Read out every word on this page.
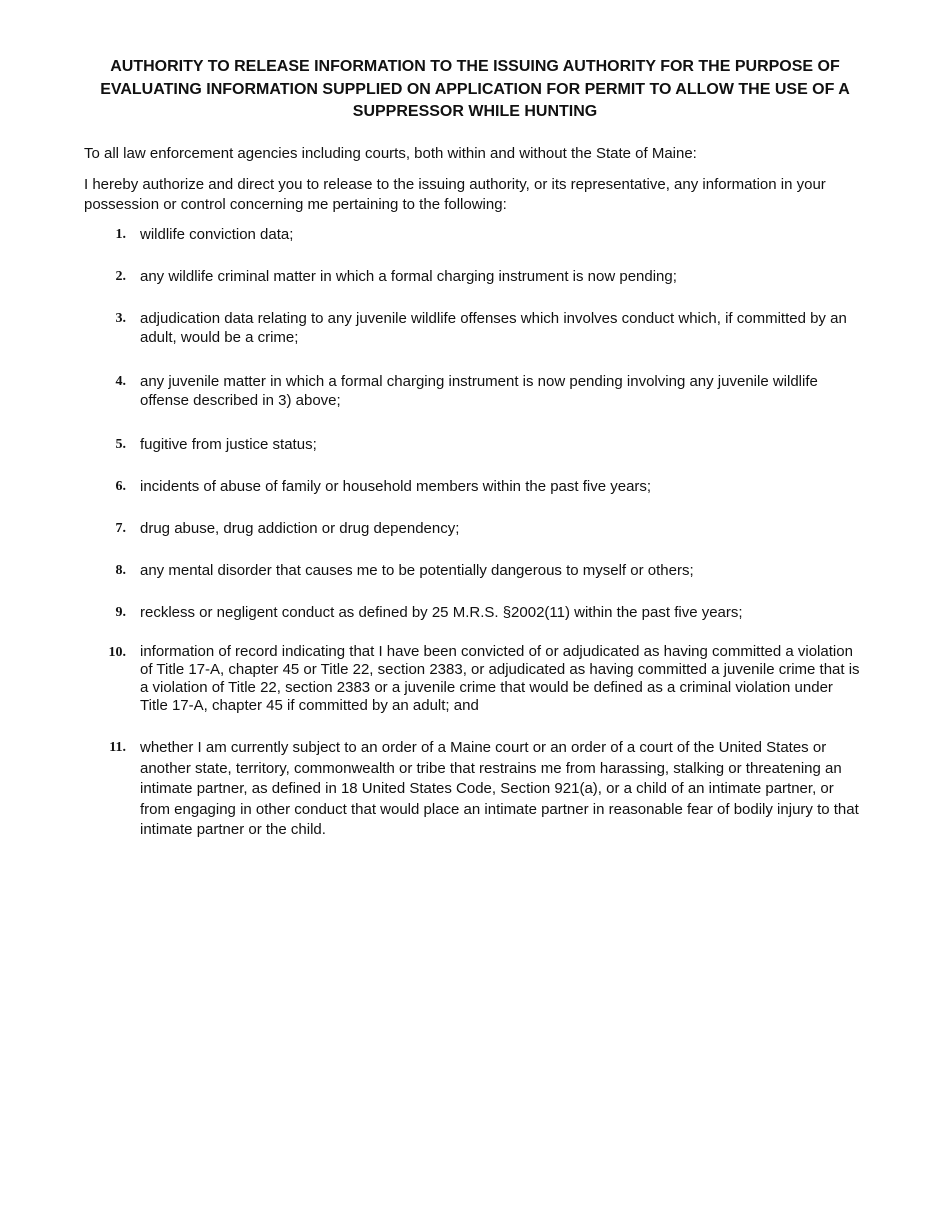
AUTHORITY TO RELEASE INFORMATION TO THE ISSUING AUTHORITY FOR THE PURPOSE OF EVALUATING INFORMATION SUPPLIED ON APPLICATION FOR PERMIT TO ALLOW THE USE OF A SUPPRESSOR WHILE HUNTING

To all law enforcement agencies including courts, both within and without the State of Maine:

I hereby authorize and direct you to release to the issuing authority, or its representative, any information in your possession or control concerning me pertaining to the following:

1. wildlife conviction data;
2. any wildlife criminal matter in which a formal charging instrument is now pending;
3. adjudication data relating to any juvenile wildlife offenses which involves conduct which, if committed by an adult, would be a crime;
4. any juvenile matter in which a formal charging instrument is now pending involving any juvenile wildlife offense described in 3) above;
5. fugitive from justice status;
6. incidents of abuse of family or household members within the past five years;
7. drug abuse, drug addiction or drug dependency;
8. any mental disorder that causes me to be potentially dangerous to myself or others;
9. reckless or negligent conduct as defined by 25 M.R.S. §2002(11) within the past five years;
10. information of record indicating that I have been convicted of or adjudicated as having committed a violation of Title 17-A, chapter 45 or Title 22, section 2383, or adjudicated as having committed a juvenile crime that is a violation of Title 22, section 2383 or a juvenile crime that would be defined as a criminal violation under Title 17-A, chapter 45 if committed by an adult; and
11. whether I am currently subject to an order of a Maine court or an order of a court of the United States or another state, territory, commonwealth or tribe that restrains me from harassing, stalking or threatening an intimate partner, as defined in 18 United States Code, Section 921(a), or a child of an intimate partner, or from engaging in other conduct that would place an intimate partner in reasonable fear of bodily injury to that intimate partner or the child.
